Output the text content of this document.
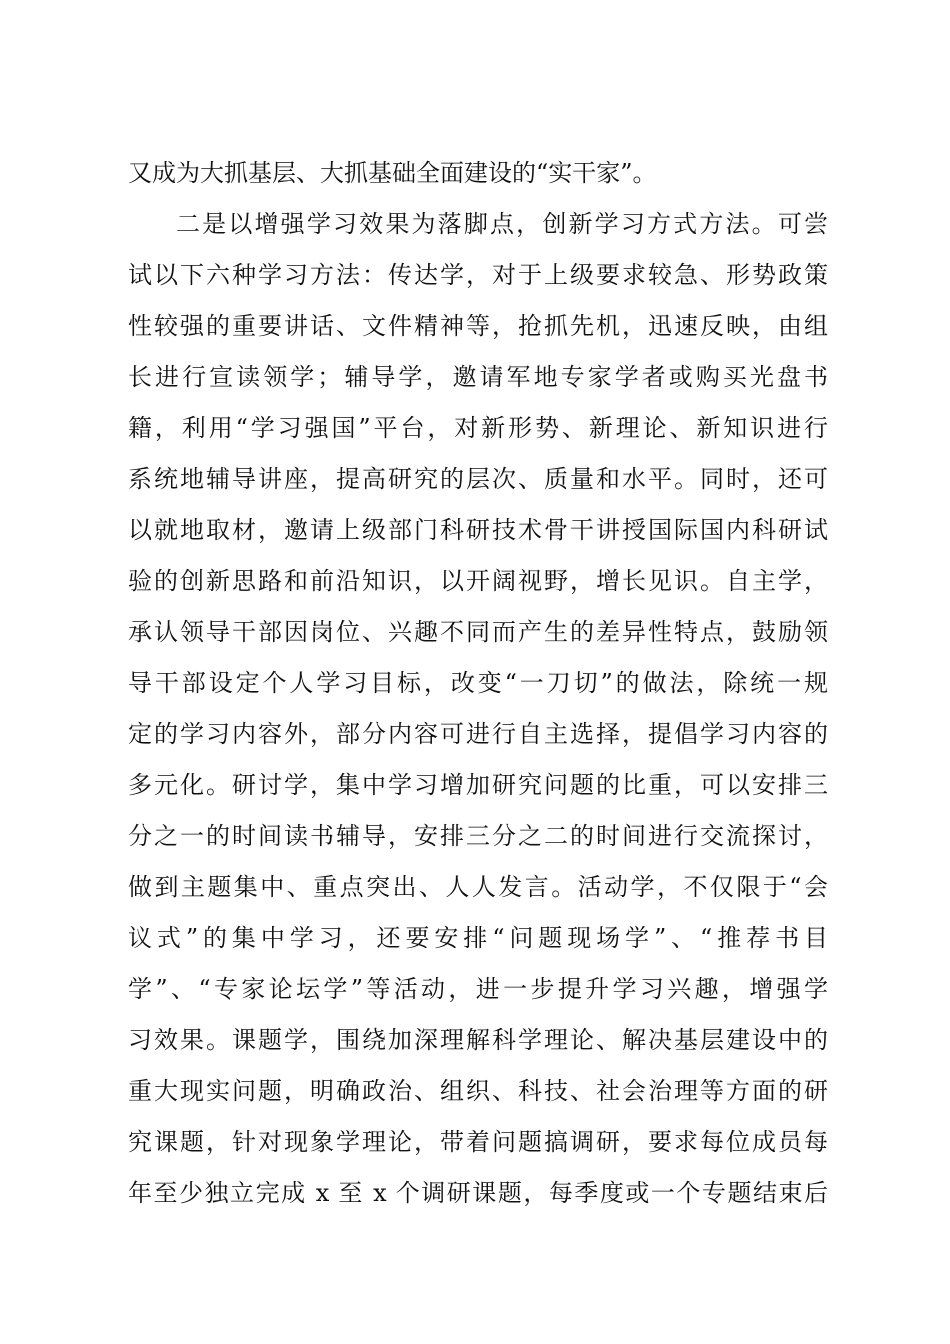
又成为大抓基层、大抓基础全面建设的“实干家”。
二是以增强学习效果为落脚点，创新学习方式方法。可尝
试以下六种学习方法：传达学，对于上级要求较急、形势政策
性较强的重要讲话、文件精神等，抢抓先机，迅速反映，由组
长进行宣读领学；辅导学，邀请军地专家学者或购买光盘书
籍，利用“学习强国”平台，对新形势、新理论、新知识进行
系统地辅导讲座，提高研究的层次、质量和水平。同时，还可
以就地取材，邀请上级部门科研技术骨干讲授国际国内科研试
验的创新思路和前沿知识，以开阔视野，增长见识。自主学，
承认领导干部因岗位、兴趣不同而产生的差异性特点，鼓励领
导干部设定个人学习目标，改变“一刀切”的做法，除统一规
定的学习内容外，部分内容可进行自主选择，提倡学习内容的
多元化。研讨学，集中学习增加研究问题的比重，可以安排三
分之一的时间读书辅导，安排三分之二的时间进行交流探讨，
做到主题集中、重点突出、人人发言。活动学，不仅限于“会
议式”的集中学习，还要安排“问题现场学”、“推荐书目
学”、“专家论坛学”等活动，进一步提升学习兴趣，增强学
习效果。课题学，围绕加深理解科学理论、解决基层建设中的
重大现实问题，明确政治、组织、科技、社会治理等方面的研
究课题，针对现象学理论，带着问题搞调研，要求每位成员每
年至少独立完成 x 至 x 个调研课题，每季度或一个专题结束后
